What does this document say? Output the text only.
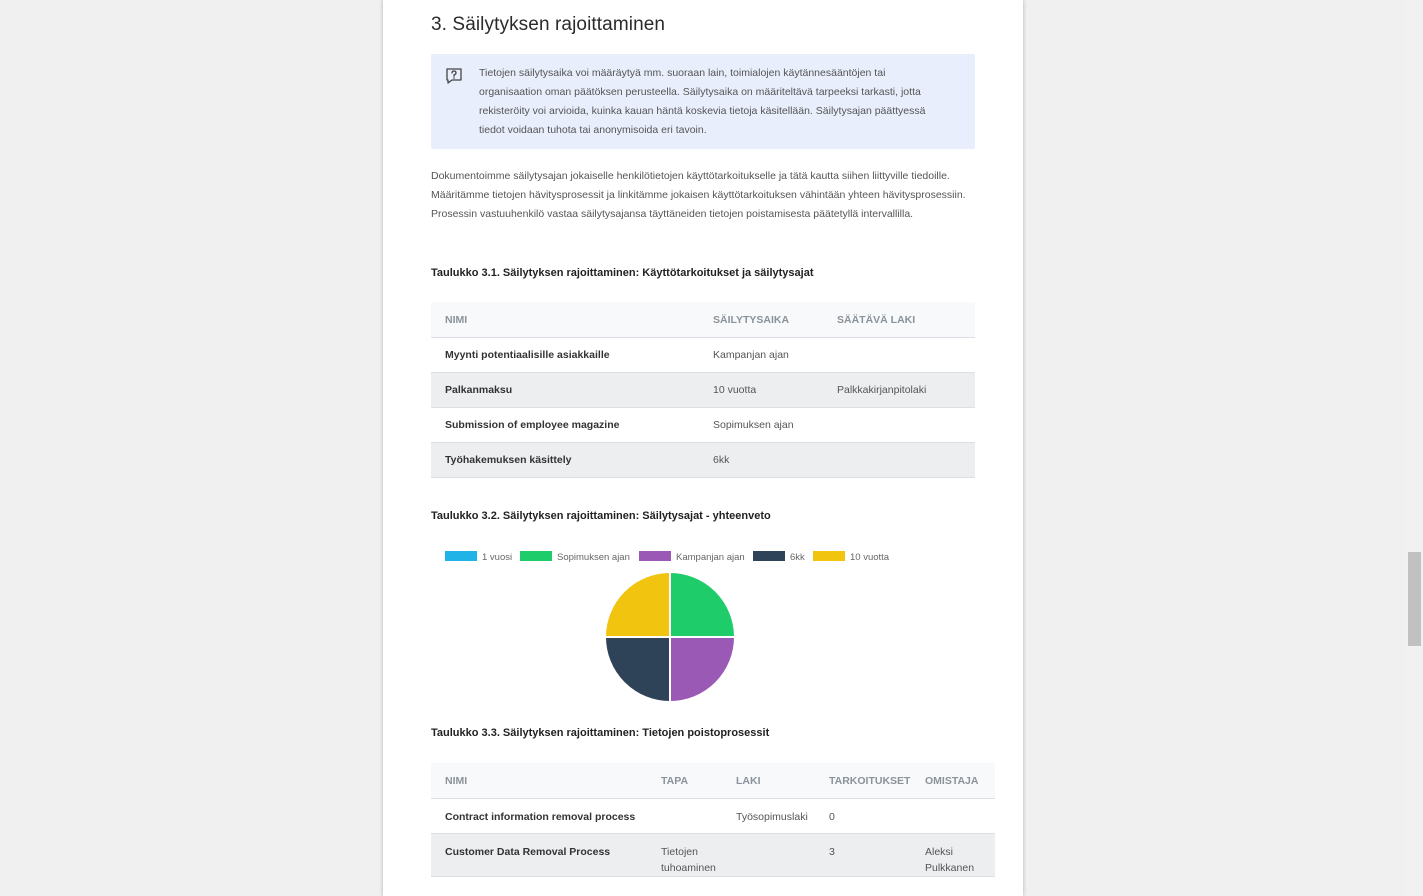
3. Säilytyksen rajoittaminen
Tietojen säilytysaika voi määräytyä mm. suoraan lain, toimialojen käytännesääntöjen tai organisaation oman päätöksen perusteella. Säilytysaika on määriteltävä tarpeeksi tarkasti, jotta rekisteröity voi arvioida, kuinka kauan häntä koskevia tietoja käsitellään. Säilytysajan päättyessä tiedot voidaan tuhota tai anonymisoida eri tavoin.
Dokumentoimme säilytysajan jokaiselle henkilötietojen käyttötarkoitukselle ja tätä kautta siihen liittyville tiedoille. Määritämme tietojen hävitysprosessit ja linkitämme jokaisen käyttötarkoituksen vähintään yhteen hävitysprosessiin. Prosessin vastuuhenkilö vastaa säilytysajansa täyttäneiden tietojen poistamisesta päätetyllä intervallilla.
Taulukko 3.1. Säilytyksen rajoittaminen: Käyttötarkoitukset ja säilytysajat
NIMI	SÄILYTYSAIKA	SÄÄTÄVÄ LAKI
Myynti potentiaalisille asiakkaille	Kampanjan ajan	
Palkanmaksu	10 vuotta	Palkkakirjanpitolaki
Submission of employee magazine	Sopimuksen ajan	
Työhakemuksen käsittely	6kk	
Taulukko 3.2. Säilytyksen rajoittaminen: Säilytysajat - yhteenveto
1 vuosi	Sopimuksen ajan	Kampanjan ajan	6kk	10 vuotta
Taulukko 3.3. Säilytyksen rajoittaminen: Tietojen poistoprosessit
NIMI	TAPA	LAKI	TARKOITUKSET	OMISTAJA
Contract information removal process		Työsopimuslaki	0	
Customer Data Removal Process	Tietojen tuhoaminen		3	Aleksi Pulkkanen
